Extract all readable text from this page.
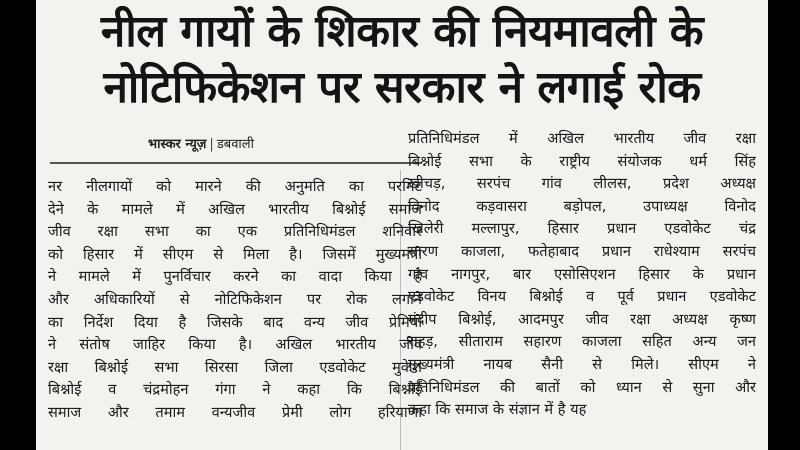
नील गायों के शिकार की नियमावली के
नोटिफिकेशन पर सरकार ने लगाई रोक
भास्कर न्यूज़ | डबवाली
नर नीलगायों को मारने की अनुमति का परमिट
देने के मामले में अखिल भारतीय बिश्नोई समाज
जीव रक्षा सभा का एक प्रतिनिधिमंडल शनिवार
को हिसार में सीएम से मिला है। जिसमें मुख्यमंत्री
ने मामले में पुनर्विचार करने का वादा किया है
और अधिकारियों से नोटिफिकेशन पर रोक लगाने
का निर्देश दिया है जिसके बाद वन्य जीव प्रेमियों
ने संतोष जाहिर किया है। अखिल भारतीय जीव
रक्षा बिश्नोई सभा सिरसा जिला एडवोकेट मुकेश
बिश्नोई व चंद्रमोहन गंगा ने कहा कि बिश्नोई
समाज और तमाम वन्यजीव प्रेमी लोग हरियाणा
प्रतिनिधिमंडल में अखिल भारतीय जीव रक्षा
बिश्नोई सभा के राष्ट्रीय संयोजक धर्म सिंह
खीचड़, सरपंच गांव लीलस, प्रदेश अध्यक्ष
विनोद कड़वासरा बड़ोपल, उपाध्यक्ष विनोद
खिलेरी मल्लापुर, हिसार प्रधान एडवोकेट चंद्र
सारण काजला, फतेहाबाद प्रधान राधेश्याम सरपंच
गांव नागपुर, बार एसोसिएशन हिसार के प्रधान
एडवोकेट विनय बिश्नोई व पूर्व प्रधान एडवोकेट
मंदीप बिश्नोई, आदमपुर जीव रक्षा अध्यक्ष कृष्ण
राहड़, सीताराम सहारण काजला सहित अन्य जन
मुख्यमंत्री नायब सैनी से मिले। सीएम ने
प्रतिनिधिमंडल की बातों को ध्यान से सुना और
कहा कि समाज के संज्ञान में है यह
